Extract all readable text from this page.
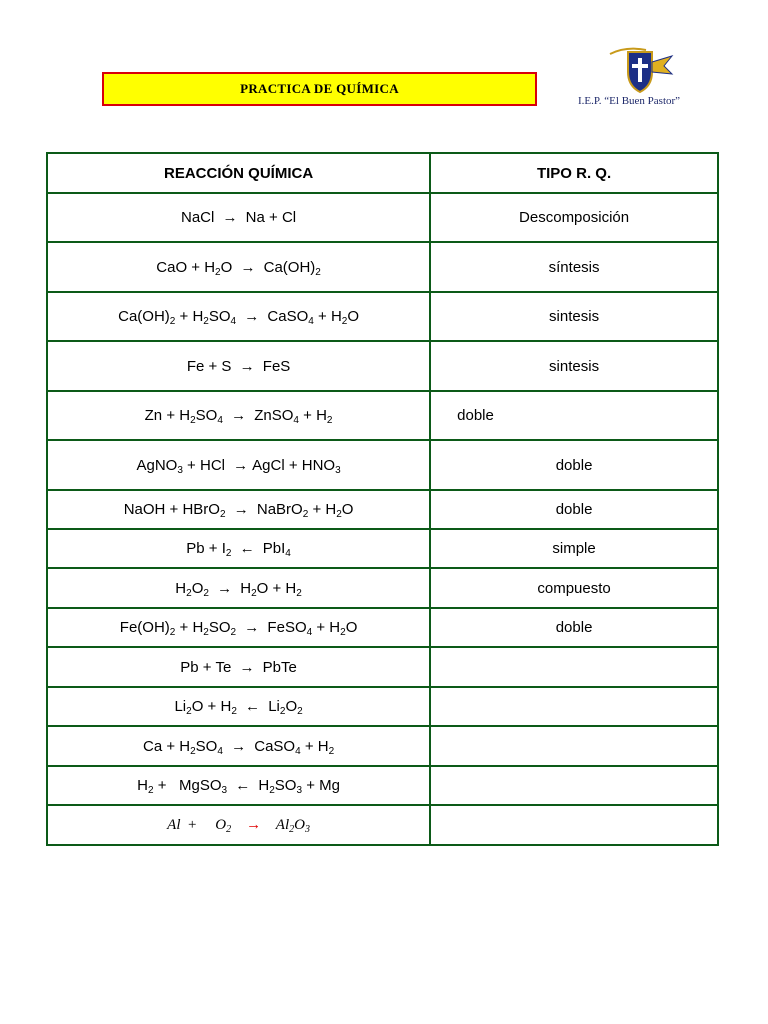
PRACTICA DE QUÍMICA
I.E.P. “El Buen Pastor”
REACCIÓN QUÍMICA	TIPO R. Q.
NaCl → Na + Cl	Descomposición
CaO + $H_2O \to Ca(OH)_2$	síntesis
$Ca(OH)_2 + H_2SO_4$ → CaSO$_4$ + $H_2O$	sintesis
Fe + S → FeS	sintesis
$Zn + H_2SO_4$ → ZnSO$_4$ + $H_2$	doble
AgNO$_3$ + HCl → AgCl + $HNO_3$	doble
NaOH + HBrO$_2$ → NaBrO$_2$ + $H_2O$	doble
$Pb + I_2$ ← PbI$_4$	simple
$H_2O_2 \to H_2O + H_2$	compuesto
$Fe(OH)_2 + H_2SO_2$ → FeSO$_4$ + $H_2O$	doble
Pb + Te → PbTe	
$Li_2O + H_2$ ← $Li_2O_2$	
$Ca + H_2SO_4$ → CaSO$_4$ + $H_2$	
$H_2$ +   MgSO$_3$ ← $H_2SO_3 + Mg$	
Al  +     $O_2$ →    $Al_2O_3$	
